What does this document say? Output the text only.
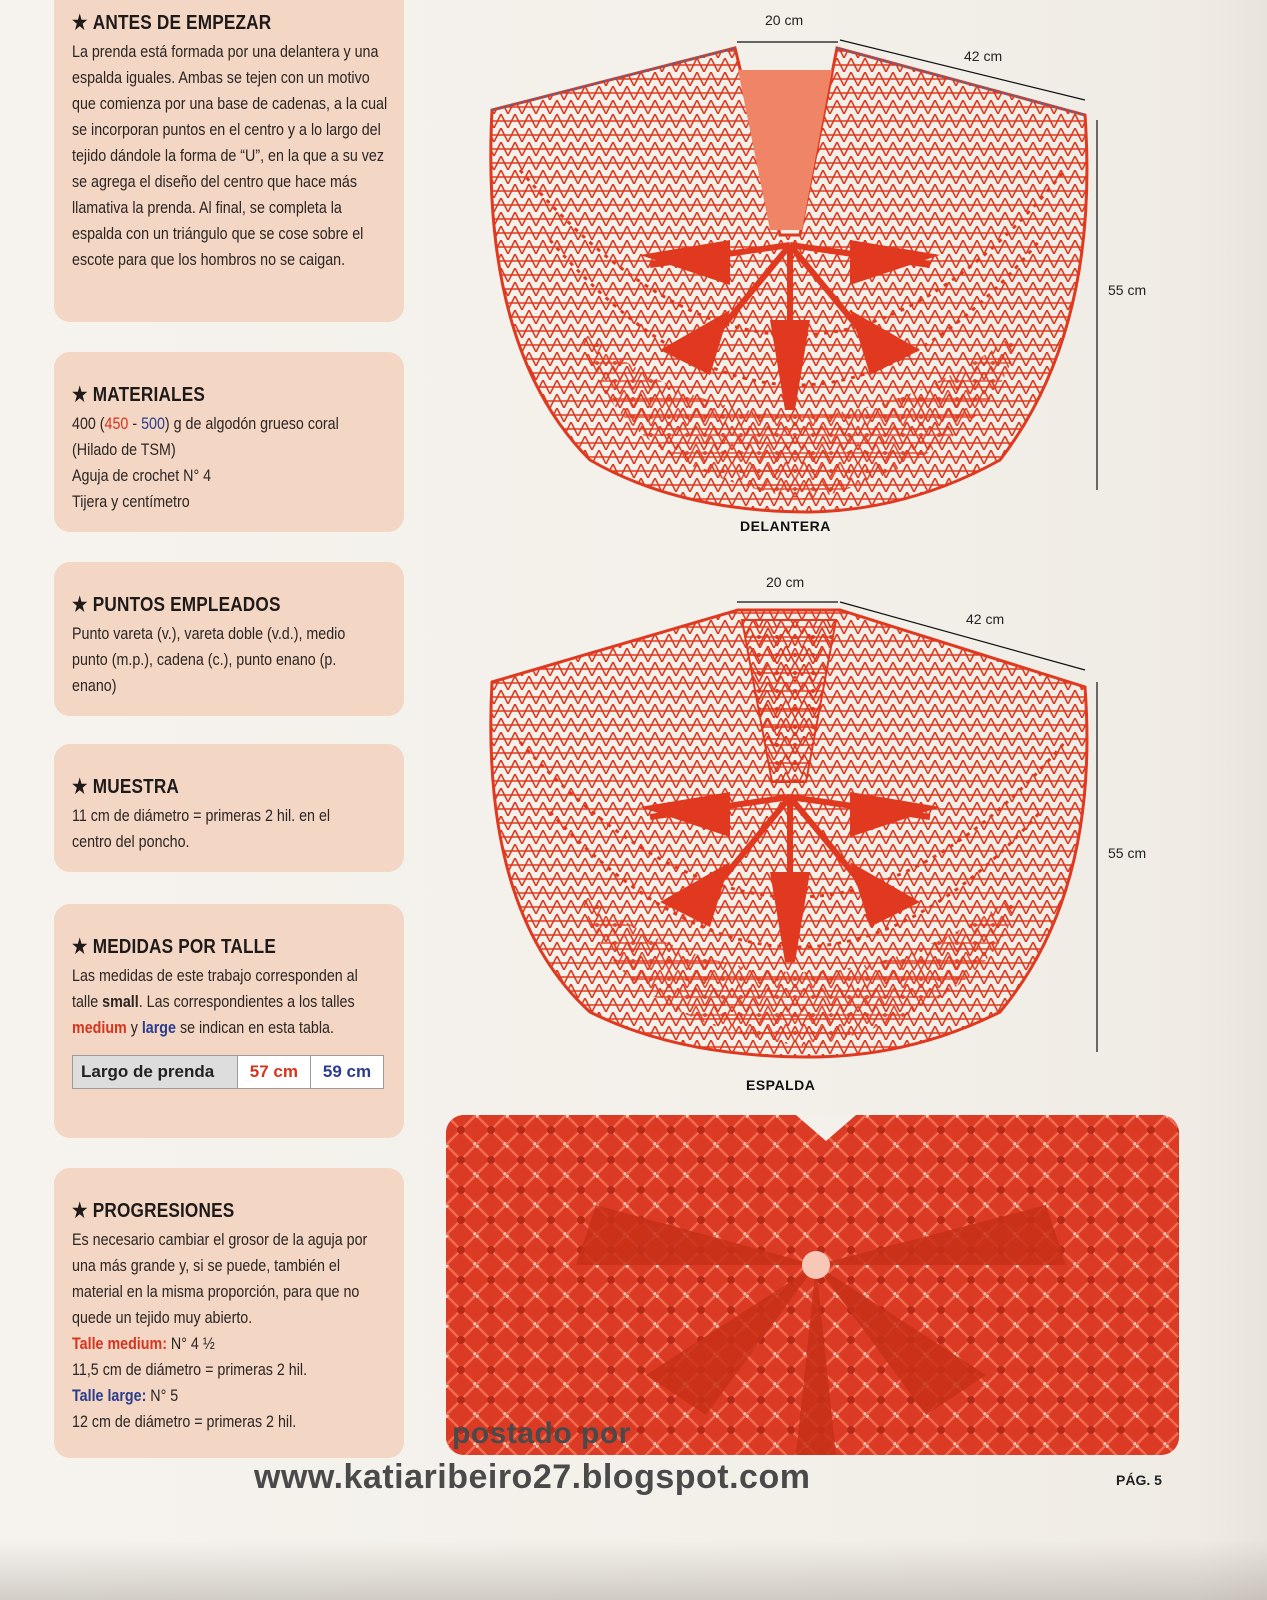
★ ANTES DE EMPEZAR

La prenda está formada por una delantera y una espalda iguales. Ambas se tejen con un motivo que comienza por una base de cadenas, a la cual se incorporan puntos en el centro y a lo largo del tejido dándole la forma de “U”, en la que a su vez se agrega el diseño del centro que hace más llamativa la prenda. Al final, se completa la espalda con un triángulo que se cose sobre el escote para que los hombros no se caigan.

★ MATERIALES

400 (450 - 500) g de algodón grueso coral
(Hilado de TSM)
Aguja de crochet N° 4
Tijera y centímetro

★ PUNTOS EMPLEADOS

Punto vareta (v.), vareta doble (v.d.), medio punto (m.p.), cadena (c.), punto enano (p. enano)

★ MUESTRA

11 cm de diámetro = primeras 2 hil. en el centro del poncho.

★ MEDIDAS POR TALLE

Las medidas de este trabajo corresponden al talle small. Las correspondientes a los talles medium y large se indican en esta tabla.

Largo de prenda	57 cm	59 cm
★ PROGRESIONES

Es necesario cambiar el grosor de la aguja por una más grande y, si se puede, también el material en la misma proporción, para que no quede un tejido muy abierto.
Talle medium: N° 4 ½
11,5 cm de diámetro = primeras 2 hil.
Talle large: N° 5
12 cm de diámetro = primeras 2 hil.

20 cm
42 cm
55 cm
DELANTERA
20 cm
42 cm
55 cm
ESPALDA
postado por
www.katiaribeiro27.blogspot.com	PÁG. 5
